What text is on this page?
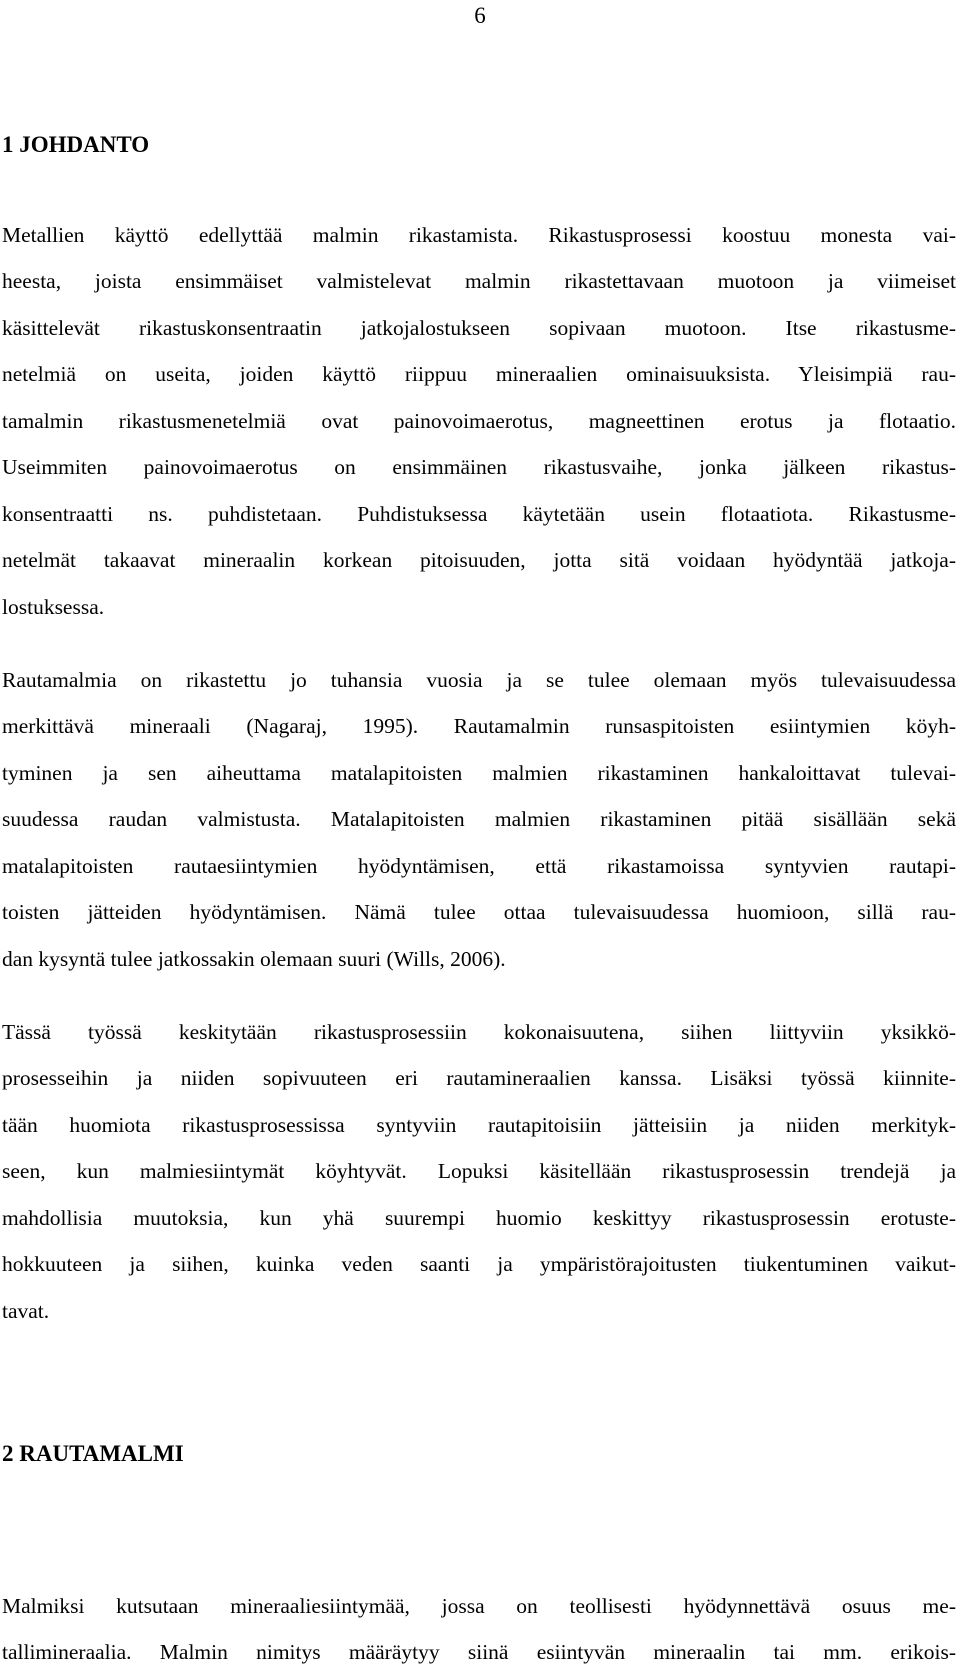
6
1 JOHDANTO
Metallien käyttö edellyttää malmin rikastamista. Rikastusprosessi koostuu monesta vai-
heesta, joista ensimmäiset valmistelevat malmin rikastettavaan muotoon ja viimeiset
käsittelevät rikastuskonsentraatin jatkojalostukseen sopivaan muotoon. Itse rikastusme-
netelmiä on useita, joiden käyttö riippuu mineraalien ominaisuuksista. Yleisimpiä rau-
tamalmin rikastusmenetelmiä ovat painovoimaerotus, magneettinen erotus ja flotaatio.
Useimmiten painovoimaerotus on ensimmäinen rikastusvaihe, jonka jälkeen rikastus-
konsentraatti ns. puhdistetaan. Puhdistuksessa käytetään usein flotaatiota. Rikastusme-
netelmät takaavat mineraalin korkean pitoisuuden, jotta sitä voidaan hyödyntää jatkoja-
lostuksessa.
Rautamalmia on rikastettu jo tuhansia vuosia ja se tulee olemaan myös tulevaisuudessa
merkittävä mineraali (Nagaraj, 1995). Rautamalmin runsaspitoisten esiintymien köyh-
tyminen ja sen aiheuttama matalapitoisten malmien rikastaminen hankaloittavat tulevai-
suudessa raudan valmistusta. Matalapitoisten malmien rikastaminen pitää sisällään sekä
matalapitoisten rautaesiintymien hyödyntämisen, että rikastamoissa syntyvien rautapi-
toisten jätteiden hyödyntämisen. Nämä tulee ottaa tulevaisuudessa huomioon, sillä rau-
dan kysyntä tulee jatkossakin olemaan suuri (Wills, 2006).
Tässä työssä keskitytään rikastusprosessiin kokonaisuutena, siihen liittyviin yksikkö-
prosesseihin ja niiden sopivuuteen eri rautamineraalien kanssa. Lisäksi työssä kiinnite-
tään huomiota rikastusprosessissa syntyviin rautapitoisiin jätteisiin ja niiden merkityk-
seen, kun malmiesiintymät köyhtyvät. Lopuksi käsitellään rikastusprosessin trendejä ja
mahdollisia muutoksia, kun yhä suurempi huomio keskittyy rikastusprosessin erotuste-
hokkuuteen ja siihen, kuinka veden saanti ja ympäristörajoitusten tiukentuminen vaikut-
tavat.
2 RAUTAMALMI
Malmiksi kutsutaan mineraaliesiintymää, jossa on teollisesti hyödynnettävä osuus me-
tallimineraalia. Malmin nimitys määräytyy siinä esiintyvän mineraalin tai mm. erikois-
